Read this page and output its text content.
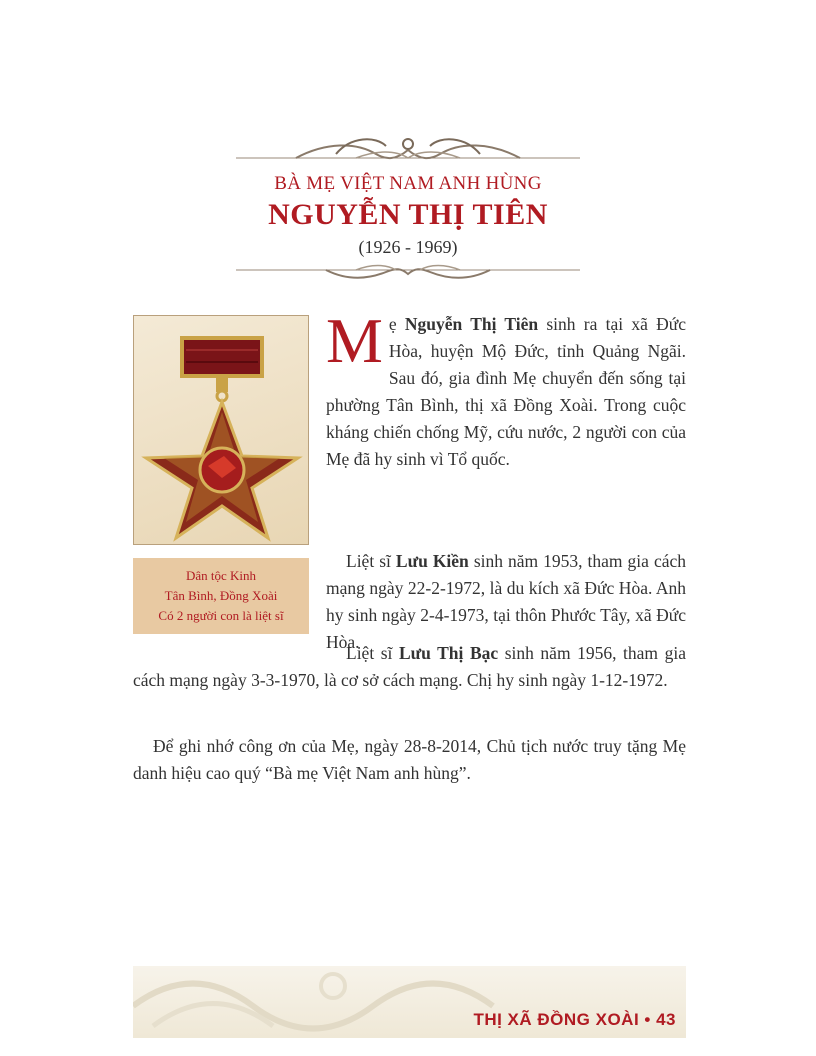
BÀ MẸ VIỆT NAM ANH HÙNG

NGUYỄN THỊ TIÊN

(1926 - 1969)

Dân tộc Kinh
Tân Bình, Đồng Xoài
Có 2 người con là liệt sĩ

Mẹ Nguyễn Thị Tiên sinh ra tại xã Đức Hòa, huyện Mộ Đức, tỉnh Quảng Ngãi. Sau đó, gia đình Mẹ chuyển đến sống tại phường Tân Bình, thị xã Đồng Xoài. Trong cuộc kháng chiến chống Mỹ, cứu nước, 2 người con của Mẹ đã hy sinh vì Tổ quốc.

Liệt sĩ Lưu Kiền sinh năm 1953, tham gia cách mạng ngày 22-2-1972, là du kích xã Đức Hòa. Anh hy sinh ngày 2-4-1973, tại thôn Phước Tây, xã Đức Hòa.

Liệt sĩ Lưu Thị Bạc sinh năm 1956, tham gia cách mạng ngày 3-3-1970, là cơ sở cách mạng. Chị hy sinh ngày 1-12-1972.

Để ghi nhớ công ơn của Mẹ, ngày 28-8-2014, Chủ tịch nước truy tặng Mẹ danh hiệu cao quý “Bà mẹ Việt Nam anh hùng”.

THỊ XÃ ĐỒNG XOÀI • 43
